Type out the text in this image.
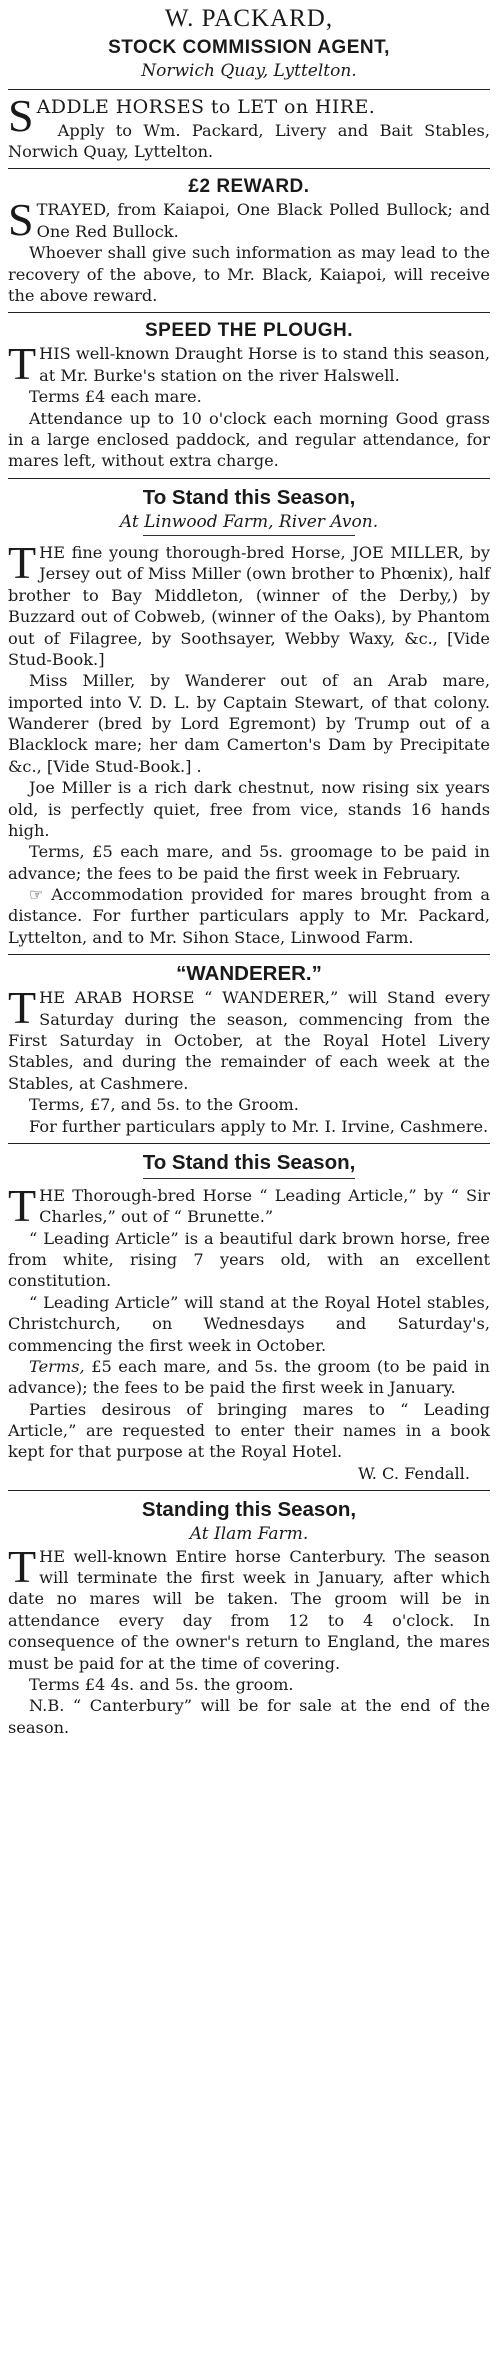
W. PACKARD,
STOCK COMMISSION AGENT,
Norwich Quay, Lyttelton.

S ADDLE HORSES to LET on HIRE.

Apply to Wm. Packard, Livery and Bait Stables, Norwich Quay, Lyttelton.

£2 REWARD.

S TRAYED, from Kaiapoi, One Black Polled Bullock; and One Red Bullock.

Whoever shall give such information as may lead to the recovery of the above, to Mr. Black, Kaiapoi, will receive the above reward.

SPEED THE PLOUGH.

T HIS well-known Draught Horse is to stand this season, at Mr. Burke's station on the river Halswell.

Terms £4 each mare.

Attendance up to 10 o'clock each morning Good grass in a large enclosed paddock, and regular attendance, for mares left, without extra charge.

To Stand this Season,
At Linwood Farm, River Avon.

T HE fine young thorough-bred Horse, JOE MILLER, by Jersey out of Miss Miller (own brother to Phœnix), half brother to Bay Middleton, (winner of the Derby,) by Buzzard out of Cobweb, (winner of the Oaks), by Phantom out of Filagree, by Soothsayer, Webby Waxy, &c., [Vide Stud-Book.]

Miss Miller, by Wanderer out of an Arab mare, imported into V. D. L. by Captain Stewart, of that colony. Wanderer (bred by Lord Egremont) by Trump out of a Blacklock mare; her dam Camerton's Dam by Precipitate &c., [Vide Stud-Book.] .

Joe Miller is a rich dark chestnut, now rising six years old, is perfectly quiet, free from vice, stands 16 hands high.

Terms, £5 each mare, and 5s. groomage to be paid in advance; the fees to be paid the first week in February.

☞ Accommodation provided for mares brought from a distance. For further particulars apply to Mr. Packard, Lyttelton, and to Mr. Sihon Stace, Linwood Farm.

“WANDERER.”

T HE ARAB HORSE “ WANDERER,” will Stand every Saturday during the season, commencing from the First Saturday in October, at the Royal Hotel Livery Stables, and during the remainder of each week at the Stables, at Cashmere.

Terms, £7, and 5s. to the Groom.

For further particulars apply to Mr. I. Irvine, Cashmere.

To Stand this Season,

T HE Thorough-bred Horse “ Leading Article,” by “ Sir Charles,” out of “ Brunette.”

“ Leading Article” is a beautiful dark brown horse, free from white, rising 7 years old, with an excellent constitution.

“ Leading Article” will stand at the Royal Hotel stables, Christchurch, on Wednesdays and Saturday's, commencing the first week in October.

Terms, £5 each mare, and 5s. the groom (to be paid in advance); the fees to be paid the first week in January.

Parties desirous of bringing mares to “ Leading Article,” are requested to enter their names in a book kept for that purpose at the Royal Hotel.

W. C. Fendall.
Standing this Season,
At Ilam Farm.

T HE well-known Entire horse Canterbury. The season will terminate the first week in January, after which date no mares will be taken. The groom will be in attendance every day from 12 to 4 o'clock. In consequence of the owner's return to England, the mares must be paid for at the time of covering.

Terms £4 4s. and 5s. the groom.

N.B. “ Canterbury” will be for sale at the end of the season.
